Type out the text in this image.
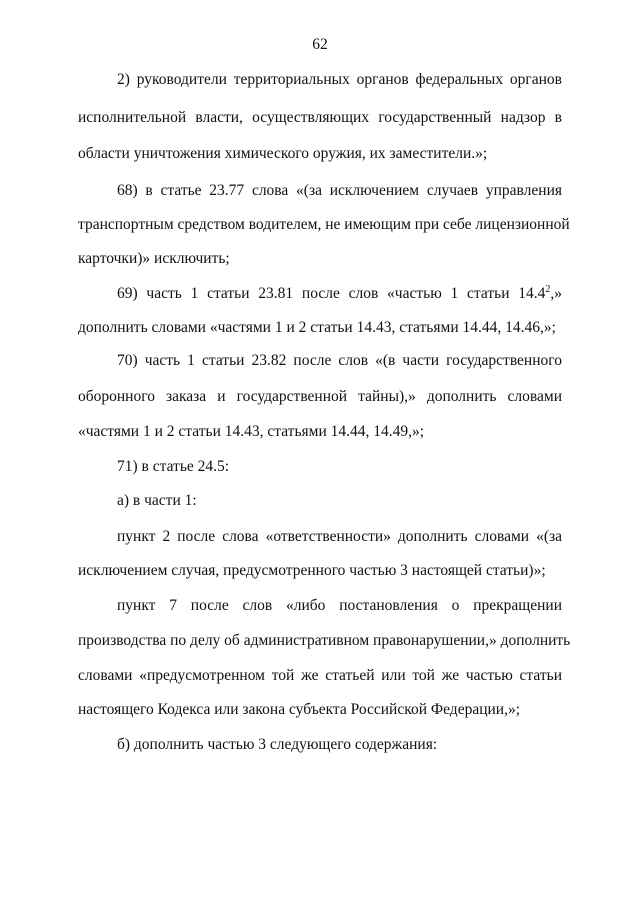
62
2) руководители территориальных органов федеральных органов
исполнительной власти, осуществляющих государственный надзор в
области уничтожения химического оружия, их заместители.»;
68) в статье 23.77 слова «(за исключением случаев управления
транспортным средством водителем, не имеющим при себе лицензионной
карточки)» исключить;
69) часть 1 статьи 23.81 после слов «частью 1 статьи 14.4$^2$,»
дополнить словами «частями 1 и 2 статьи 14.43, статьями 14.44, 14.46,»;
70) часть 1 статьи 23.82 после слов «(в части государственного
оборонного заказа и государственной тайны),» дополнить словами
«частями 1 и 2 статьи 14.43, статьями 14.44, 14.49,»;
71) в статье 24.5:
а) в части 1:
пункт 2 после слова «ответственности» дополнить словами «(за
исключением случая, предусмотренного частью 3 настоящей статьи)»;
пункт 7 после слов «либо постановления о прекращении
производства по делу об административном правонарушении,» дополнить
словами «предусмотренном той же статьей или той же частью статьи
настоящего Кодекса или закона субъекта Российской Федерации,»;
б) дополнить частью 3 следующего содержания:
